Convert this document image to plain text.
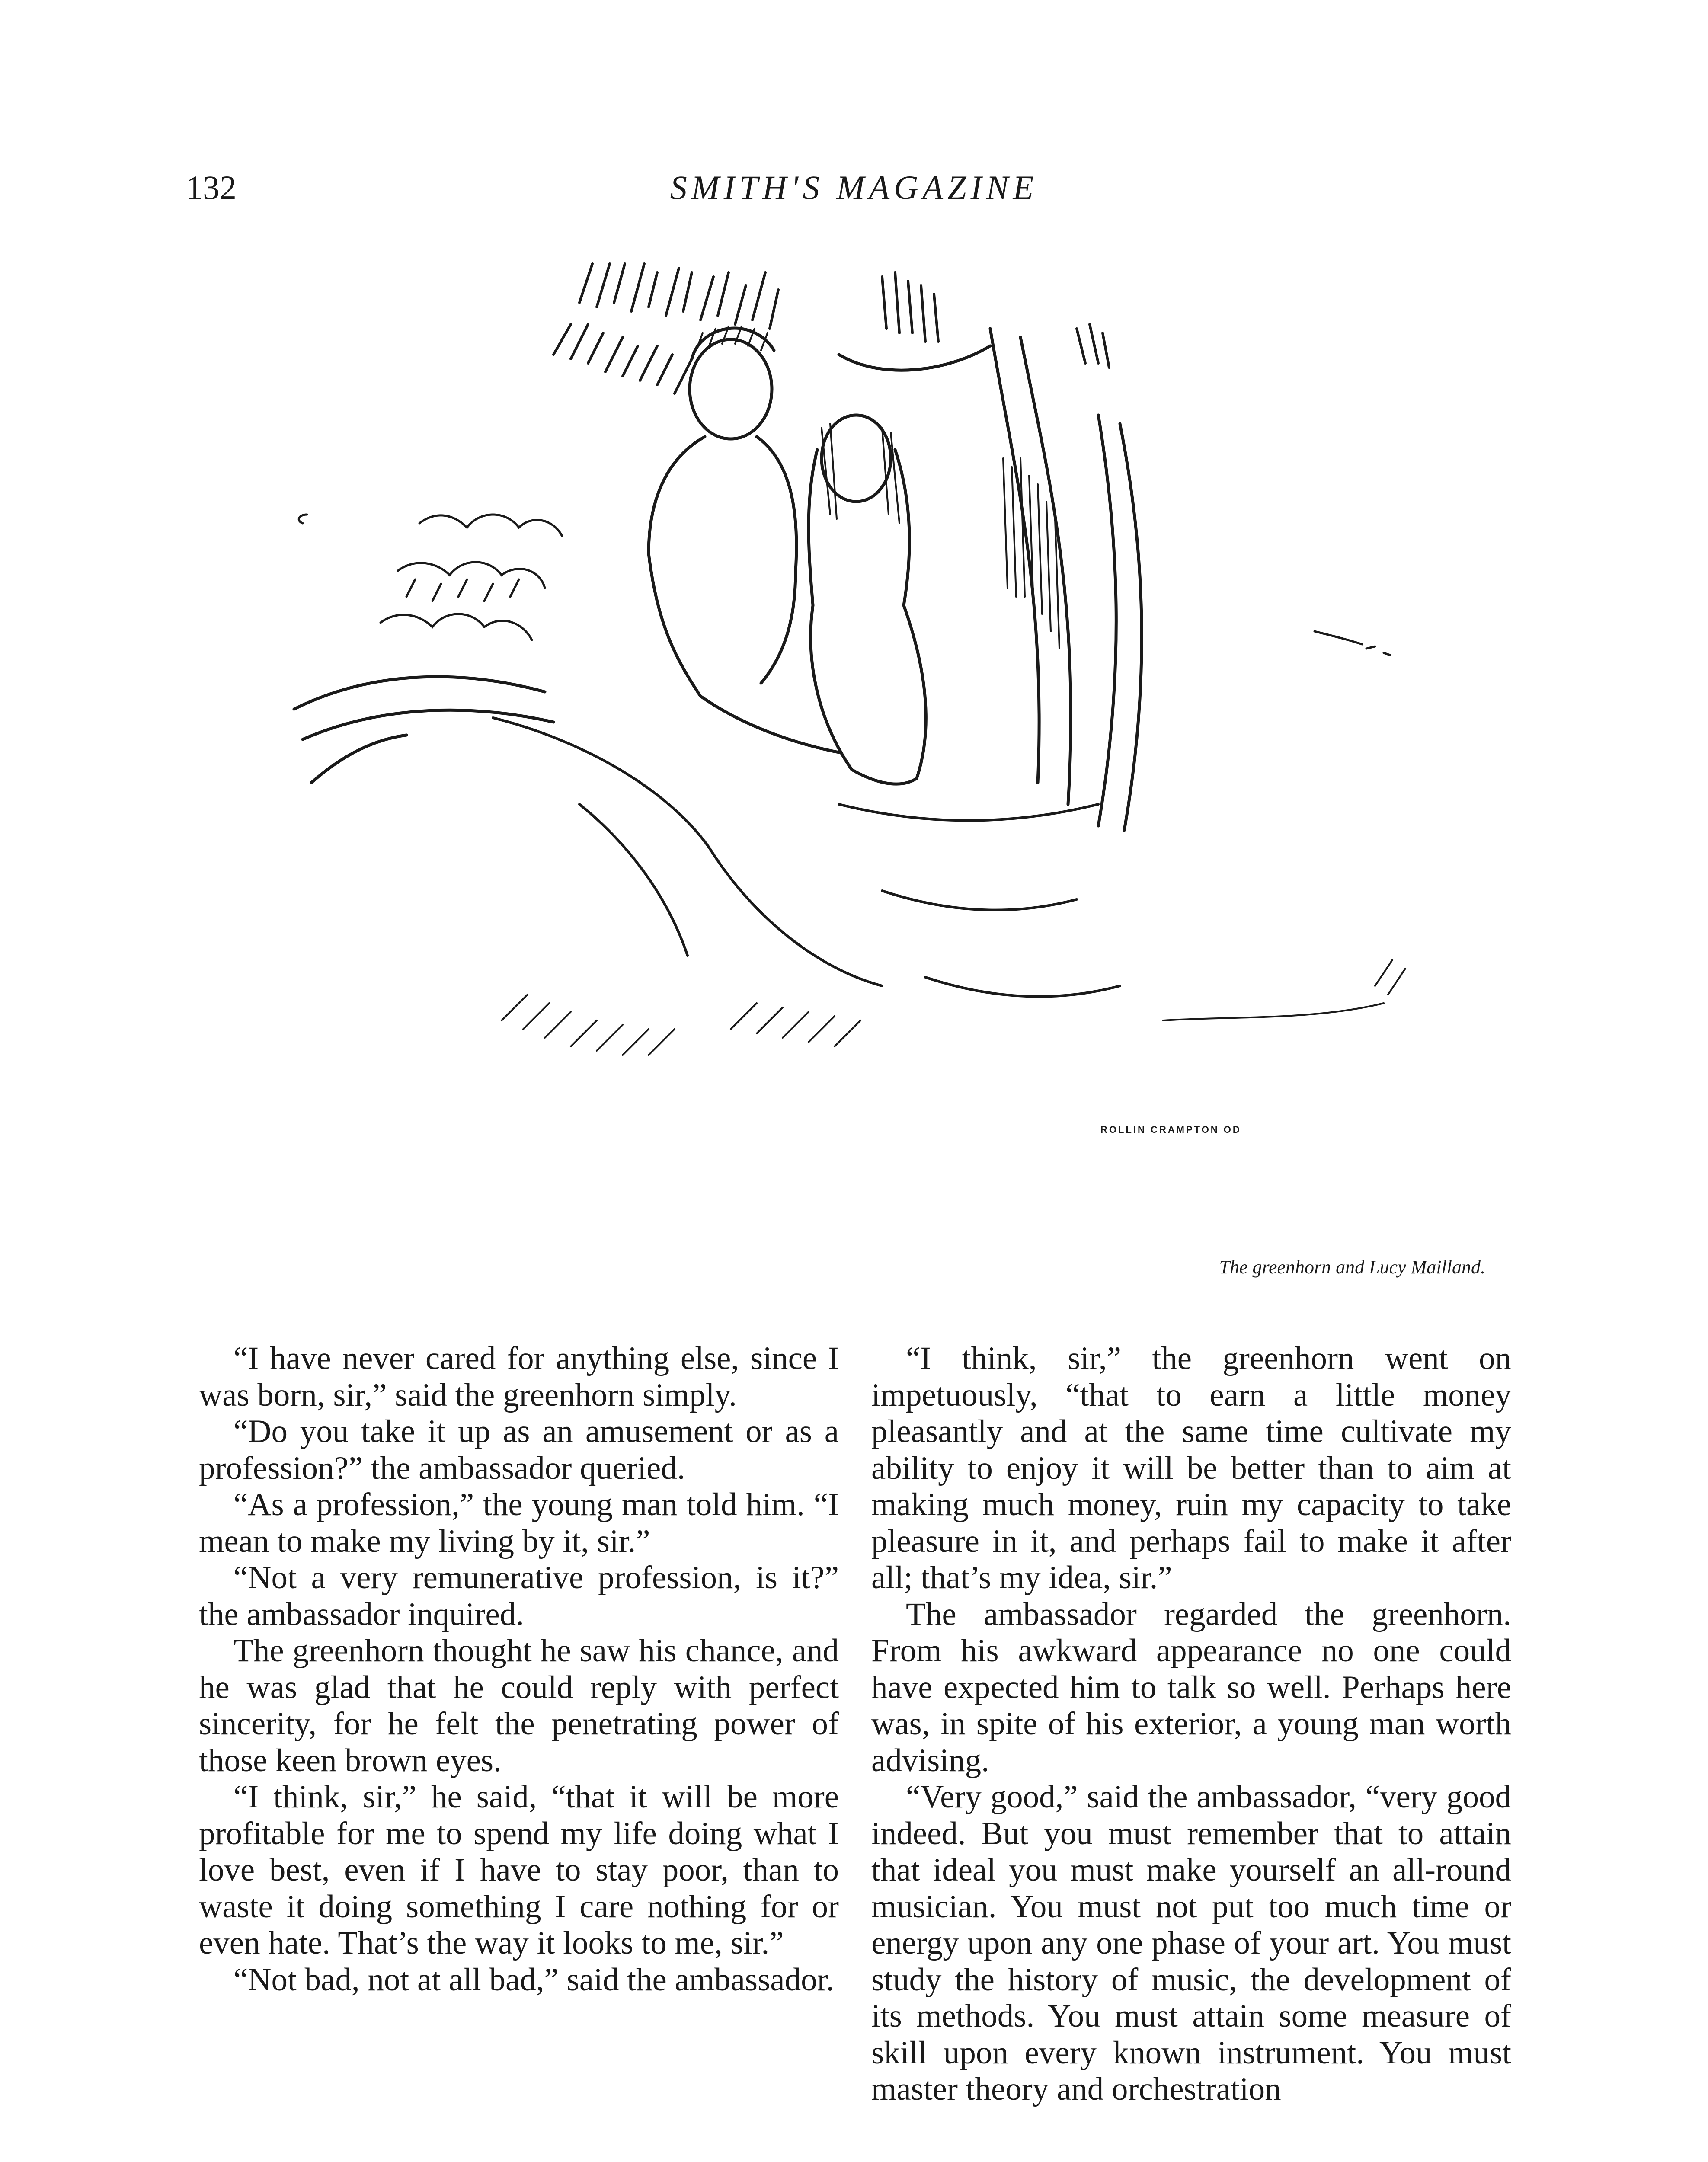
132	SMITH'S MAGAZINE
ROLLIN CRAMPTON OD
The greenhorn and Lucy Mailland.

“I have never cared for anything else, since I was born, sir,” said the greenhorn simply.

“Do you take it up as an amusement or as a profession?” the ambassador queried.

“As a profession,” the young man told him. “I mean to make my living by it, sir.”

“Not a very remunerative profession, is it?” the ambassador inquired.

The greenhorn thought he saw his chance, and he was glad that he could reply with perfect sincerity, for he felt the penetrating power of those keen brown eyes.

“I think, sir,” he said, “that it will be more profitable for me to spend my life doing what I love best, even if I have to stay poor, than to waste it doing something I care nothing for or even hate. That’s the way it looks to me, sir.”

“Not bad, not at all bad,” said the ambassador.

“I think, sir,” the greenhorn went on impetuously, “that to earn a little money pleasantly and at the same time cultivate my ability to enjoy it will be better than to aim at making much money, ruin my capacity to take pleasure in it, and perhaps fail to make it after all; that’s my idea, sir.”

The ambassador regarded the greenhorn. From his awkward appearance no one could have expected him to talk so well. Perhaps here was, in spite of his exterior, a young man worth advising.

“Very good,” said the ambassador, “very good indeed. But you must remember that to attain that ideal you must make yourself an all-round musician. You must not put too much time or energy upon any one phase of your art. You must study the history of music, the development of its methods. You must attain some measure of skill upon every known instrument. You must master theory and orchestration
